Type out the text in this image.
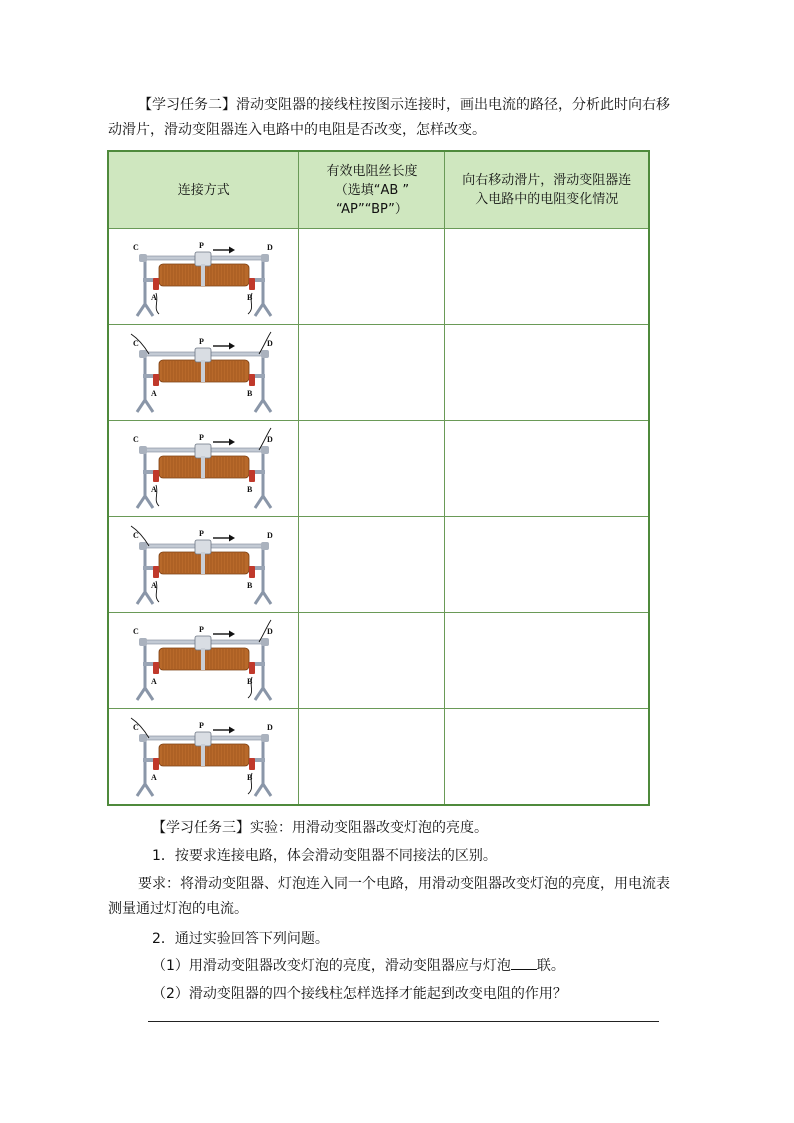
【学习任务二】滑动变阻器的接线柱按图示连接时，画出电流的路径，分析此时向右移
动滑片，滑动变阻器连入电路中的电阻是否改变，怎样改变。
连接方式	有效电阻丝长度
（选填“AB ”
“AP”“BP”）	向右移动滑片，滑动变阻器连
入电路中的电阻变化情况

C D
P
A B		

C D
P
A B		

C D
P
A B		

C D
P
A B		

C D
P
A B		

C D
P
A B		

【学习任务三】实验：用滑动变阻器改变灯泡的亮度。
1．按要求连接电路，体会滑动变阻器不同接法的区别。
要求：将滑动变阻器、灯泡连入同一个电路，用滑动变阻器改变灯泡的亮度，用电流表
测量通过灯泡的电流。
2．通过实验回答下列问题。
（1）用滑动变阻器改变灯泡的亮度，滑动变阻器应与灯泡 联。
（2）滑动变阻器的四个接线柱怎样选择才能起到改变电阻的作用？
